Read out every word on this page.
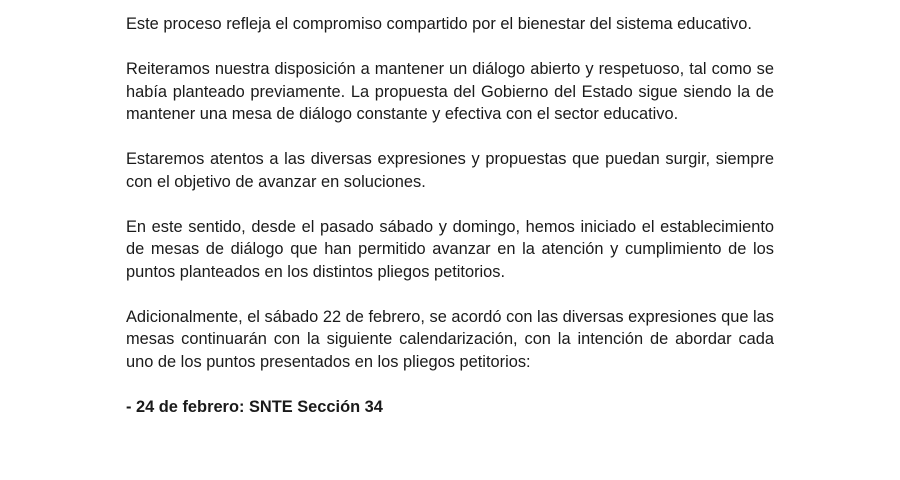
Este proceso refleja el compromiso compartido por el bienestar del sistema educativo.

Reiteramos nuestra disposición a mantener un diálogo abierto y respetuoso, tal como se había planteado previamente. La propuesta del Gobierno del Estado sigue siendo la de mantener una mesa de diálogo constante y efectiva con el sector educativo.

Estaremos atentos a las diversas expresiones y propuestas que puedan surgir, siempre con el objetivo de avanzar en soluciones.

En este sentido, desde el pasado sábado y domingo, hemos iniciado el establecimiento de mesas de diálogo que han permitido avanzar en la atención y cumplimiento de los puntos planteados en los distintos pliegos petitorios.

Adicionalmente, el sábado 22 de febrero, se acordó con las diversas expresiones que las mesas continuarán con la siguiente calendarización, con la intención de abordar cada uno de los puntos presentados en los pliegos petitorios:

- 24 de febrero: SNTE Sección 34
